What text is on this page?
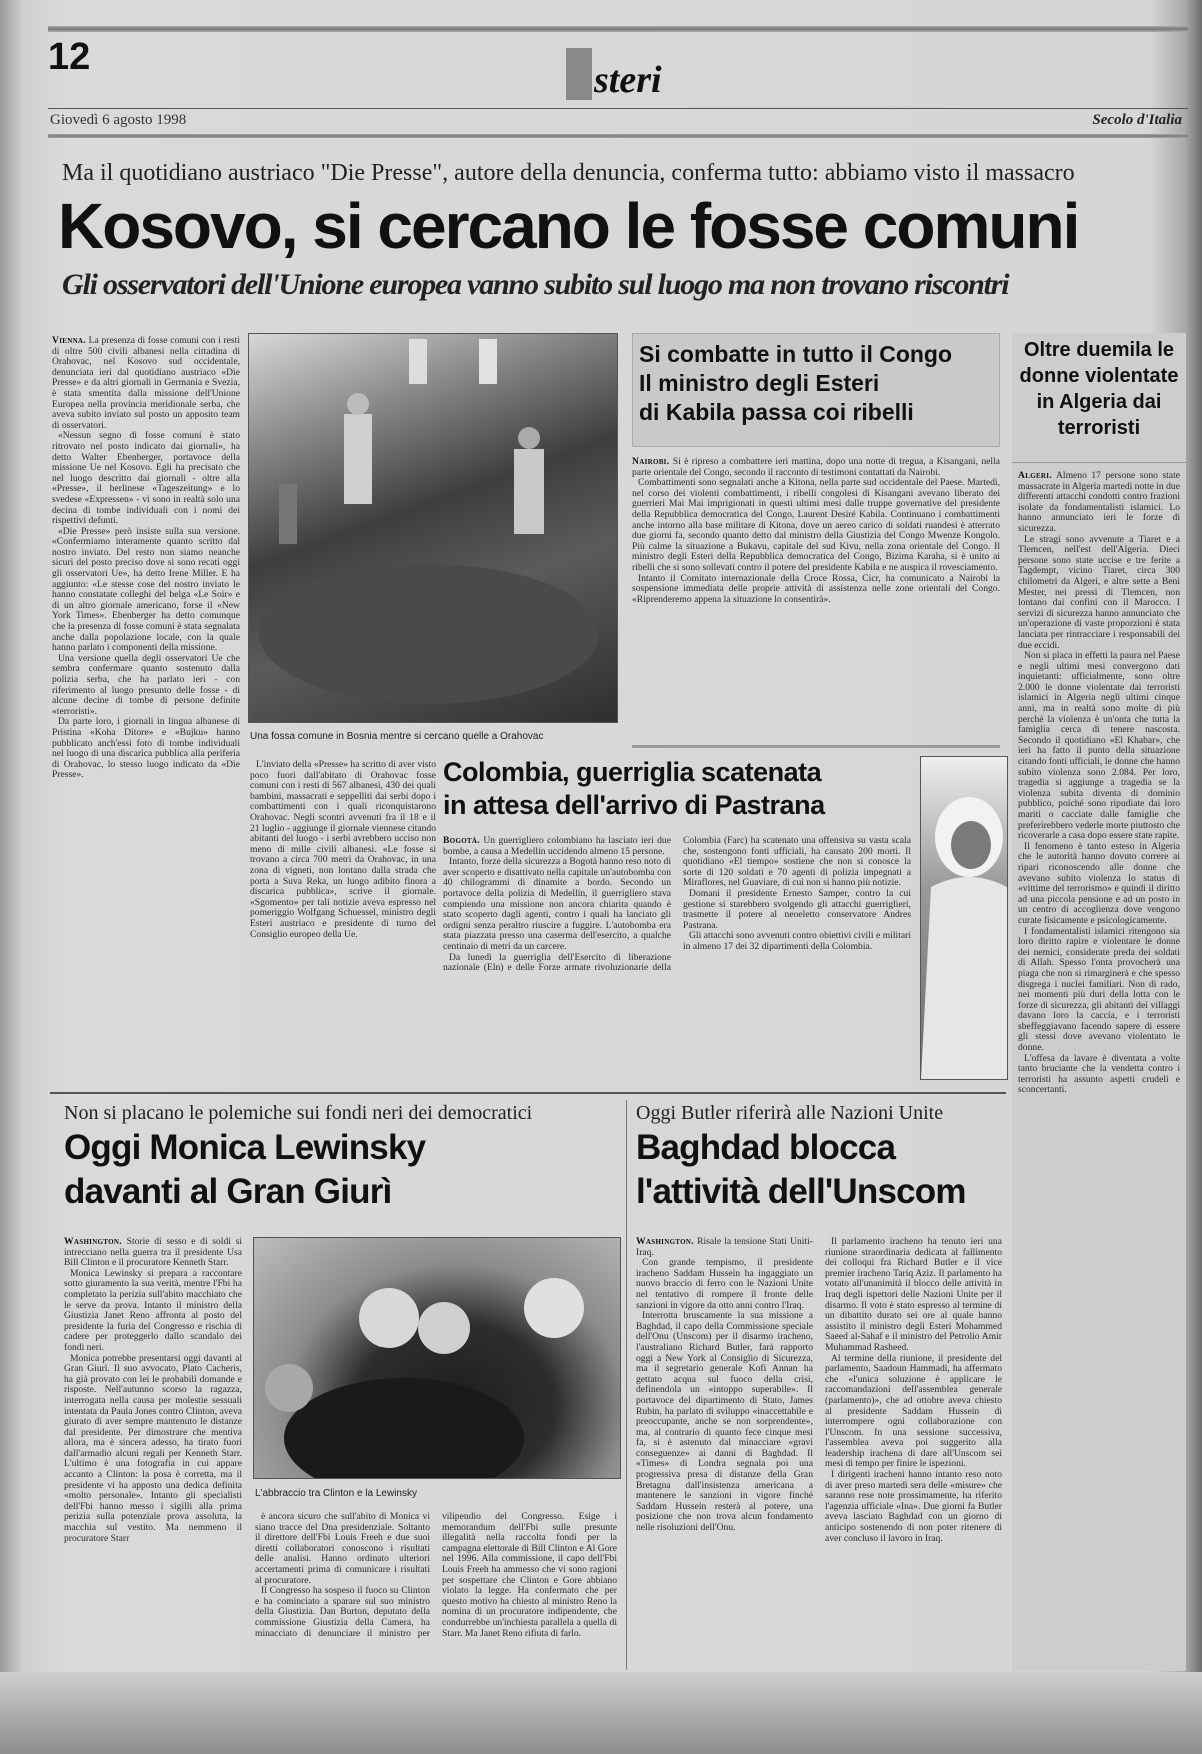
12
steri
Giovedì 6 agosto 1998	Secolo d'Italia
Ma il quotidiano austriaco "Die Presse", autore della denuncia, conferma tutto: abbiamo visto il massacro
Kosovo, si cercano le fosse comuni
Gli osservatori dell'Unione europea vanno subito sul luogo ma non trovano riscontri

Vienna. La presenza di fosse comuni con i resti di oltre 500 civili albanesi nella cittadina di Orahovac, nel Kosovo sud occidentale, denunciata ieri dal quotidiano austriaco «Die Presse» e da altri giornali in Germania e Svezia, è stata smentita dalla missione dell'Unione Europea nella provincia meridionale serba, che aveva subito inviato sul posto un apposito team di osservatori.

«Nessun segno di fosse comuni è stato ritrovato nel posto indicato dai giornali», ha detto Walter Ebenberger, portavoce della missione Ue nel Kosovo. Egli ha precisato che nel luogo descritto dai giornali - oltre alla «Presse», il berlinese «Tageszeitung» e lo svedese «Expressen» - vi sono in realtà solo una decina di tombe individuali con i nomi dei rispettivi defunti.

«Die Presse» però insiste sulla sua versione. «Confermiamo interamente quanto scritto dal nostro inviato. Del resto non siamo neanche sicuri del posto preciso dove si sono recati oggi gli osservatori Ue», ha detto Irene Miller. E ha aggiunto: «Le stesse cose del nostro inviato le hanno constatate colleghi del belga «Le Soir» e di un altro giornale americano, forse il «New York Times». Ebenberger ha detto comunque che la presenza di fosse comuni è stata segnalata anche dalla popolazione locale, con la quale hanno parlato i componenti della missione.

Una versione quella degli osservatori Ue che sembra confermare quanto sostenuto dalla polizia serba, che ha parlato ieri - con riferimento al luogo presunto delle fosse - di alcune decine di tombe di persone definite «terroristi».

Da parte loro, i giornali in lingua albanese di Pristina «Koha Ditore» e «Bujku» hanno pubblicato anch'essi foto di tombe individuali nel luogo di una discarica pubblica alla periferia di Orahovac, lo stesso luogo indicato da «Die Presse».

Una fossa comune in Bosnia mentre si cercano quelle a Orahovac

L'inviato della «Presse» ha scritto di aver visto poco fuori dall'abitato di Orahovac fosse comuni con i resti di 567 albanesi, 430 dei quali bambini, massacrati e seppelliti dai serbi dopo i combattimenti con i quali riconquistarono Orahovac. Negli scontri avvenuti fra il 18 e il 21 luglio - aggiunge il giornale viennese citando abitanti del luogo - i serbi avrebbero ucciso non meno di mille civili albanesi. «Le fosse si trovano a circa 700 metri da Orahovac, in una zona di vigneti, non lontano dalla strada che porta a Suva Reka, un luogo adibito finora a discarica pubblica», scrive il giornale. «Sgomento» per tali notizie aveva espresso nel pomeriggio Wolfgang Schuessel, ministro degli Esteri austriaco e presidente di turno del Consiglio europeo della Ue.

Si combatte in tutto il Congo
Il ministro degli Esteri
di Kabila passa coi ribelli

Nairobi. Si è ripreso a combattere ieri mattina, dopo una notte di tregua, a Kisangani, nella parte orientale del Congo, secondo il racconto di testimoni contattati da Nairobi.

Combattimenti sono segnalati anche a Kitona, nella parte sud occidentale del Paese. Martedì, nel corso dei violenti combattimenti, i ribelli congolesi di Kisangani avevano liberato dei guerrieri Mai Mai imprigionati in questi ultimi mesi dalle truppe governative del presidente della Repubblica democratica del Congo, Laurent Desiré Kabila. Continuano i combattimenti anche intorno alla base militare di Kitona, dove un aereo carico di soldati ruandesi è atterrato due giorni fa, secondo quanto detto dal ministro della Giustizia del Congo Mwenze Kongolo. Più calme la situazione a Bukavu, capitale del sud Kivu, nella zona orientale del Congo. Il ministro degli Esteri della Repubblica democratica del Congo, Bizima Karaha, si è unito ai ribelli che si sono sollevati contro il potere del presidente Kabila e ne auspica il rovesciamento.

Intanto il Comitato internazionale della Croce Rossa, Cicr, ha comunicato a Nairobi la sospensione immediata delle proprie attività di assistenza nelle zone orientali del Congo. «Riprenderemo appena la situazione lo consentirà».

Oltre duemila le donne violentate in Algeria dai terroristi

Algeri. Almeno 17 persone sono state massacrate in Algeria martedì notte in due differenti attacchi condotti contro frazioni isolate da fondamentalisti islamici. Lo hanno annunciato ieri le forze di sicurezza.

Le stragi sono avvenute a Tiaret e a Tlemcen, nell'est dell'Algeria. Dieci persone sono state uccise e tre ferite a Tagdempt, vicino Tiaret, circa 300 chilometri da Algeri, e altre sette a Beni Mester, nei pressi di Tlemcen, non lontano dai confini con il Marocco. I servizi di sicurezza hanno annunciato che un'operazione di vaste proporzioni è stata lanciata per rintracciare i responsabili dei due eccidi.

Non si placa in effetti la paura nel Paese e negli ultimi mesi convergono dati inquietanti: ufficialmente, sono oltre 2.000 le donne violentate dai terroristi islamici in Algeria negli ultimi cinque anni, ma in realtà sono molte di più perché la violenza è un'onta che tutta la famiglia cerca di tenere nascosta. Secondo il quotidiano «El Khabar», che ieri ha fatto il punto della situazione citando fonti ufficiali, le donne che hanno subito violenza sono 2.084. Per loro, tragedia si aggiunge a tragedia se la violenza subita diventa di dominio pubblico, poiché sono ripudiate dai loro mariti o cacciate dalle famiglie che preferirebbero vederle morte piuttosto che ricoverarle a casa dopo essere state rapite.

Il fenomeno è tanto esteso in Algeria che le autorità hanno dovuto correre ai ripari riconoscendo alle donne che avevano subito violenza lo status di «vittime del terrorismo» e quindi il diritto ad una piccola pensione e ad un posto in un centro di accoglienza dove vengono curate fisicamente e psicologicamente.

I fondamentalisti islamici ritengono sia loro diritto rapire e violentare le donne dei nemici, considerate preda dei soldati di Allah. Spesso l'onta provocherà una piaga che non si rimarginerà e che spesso disgrega i nuclei familiari. Non di rado, nei momenti più duri della lotta con le forze di sicurezza, gli abitanti dei villaggi davano loro la caccia, e i terroristi sbeffeggiavano facendo sapere di essere gli stessi dove avevano violentato le donne.

L'offesa da lavare è diventata a volte tanto bruciante che la vendetta contro i terroristi ha assunto aspetti crudeli e sconcertanti.

Colombia, guerriglia scatenata
in attesa dell'arrivo di Pastrana

Bogotà. Un guerrigliero colombiano ha lasciato ieri due bombe, a causa a Medellín uccidendo almeno 15 persone.

Intanto, forze della sicurezza a Bogotà hanno reso noto di aver scoperto e disattivato nella capitale un'autobomba con 40 chilogrammi di dinamite a bordo. Secondo un portavoce della polizia di Medellín, il guerrigliero stava compiendo una missione non ancora chiarita quando è stato scoperto dagli agenti, contro i quali ha lanciato gli ordigni senza peraltro riuscire a fuggire. L'autobomba era stata piazzata presso una caserma dell'esercito, a qualche centinaio di metri da un carcere.

Da lunedì la guerriglia dell'Esercito di liberazione nazionale (Eln) e delle Forze armate rivoluzionarie della Colombia (Farc) ha scatenato una offensiva su vasta scala che, sostengono fonti ufficiali, ha causato 200 morti. Il quotidiano «El tiempo» sostiene che non si conosce la sorte di 120 soldati e 70 agenti di polizia impegnati a Miraflores, nel Guaviare, di cui non si hanno più notizie.

Domani il presidente Ernesto Samper, contro la cui gestione si starebbero svolgendo gli attacchi guerriglieri, trasmette il potere al neoeletto conservatore Andres Pastrana.

Gli attacchi sono avvenuti contro obiettivi civili e militari in almeno 17 dei 32 dipartimenti della Colombia.

Non si placano le polemiche sui fondi neri dei democratici
Oggi Monica Lewinsky
davanti al Gran Giurì

Washington. Storie di sesso e di soldi si intrecciano nella guerra tra il presidente Usa Bill Clinton e il procuratore Kenneth Starr.

Monica Lewinsky si prepara a raccontare sotto giuramento la sua verità, mentre l'Fbi ha completato la perizia sull'abito macchiato che le serve da prova. Intanto il ministro della Giustizia Janet Reno affronta al posto del presidente la furia del Congresso e rischia di cadere per proteggerlo dallo scandalo dei fondi neri.

Monica potrebbe presentarsi oggi davanti al Gran Giurì. Il suo avvocato, Plato Cacheris, ha già provato con lei le probabili domande e risposte. Nell'autunno scorso la ragazza, interrogata nella causa per molestie sessuali intentata da Paula Jones contro Clinton, aveva giurato di aver sempre mantenuto le distanze dal presidente. Per dimostrare che mentiva allora, ma è sincera adesso, ha tirato fuori dall'armadio alcuni regali per Kenneth Starr. L'ultimo è una fotografia in cui appare accanto a Clinton: la posa è corretta, ma il presidente vi ha apposto una dedica definita «molto personale». Intanto gli specialisti dell'Fbi hanno messo i sigilli alla prima perizia sulla potenziale prova assoluta, la macchia sul vestito. Ma nemmeno il procuratore Starr

L'abbraccio tra Clinton e la Lewinsky

è ancora sicuro che sull'abito di Monica vi siano tracce del Dna presidenziale. Soltanto il direttore dell'Fbi Louis Freeh e due suoi diretti collaboratori conoscono i risultati delle analisi. Hanno ordinato ulteriori accertamenti prima di comunicare i risultati al procuratore.

Il Congresso ha sospeso il fuoco su Clinton e ha cominciato a sparare sul suo ministro della Giustizia. Dan Burton, deputato della commissione Giustizia della Camera, ha minacciato di denunciare il ministro per vilipendio del Congresso. Esige i memorandum dell'Fbi sulle presunte illegalità nella raccolta fondi per la campagna elettorale di Bill Clinton e Al Gore nel 1996. Alla commissione, il capo dell'Fbi Louis Freeh ha ammesso che vi sono ragioni per sospettare che Clinton e Gore abbiano violato la legge. Ha confermato che per questo motivo ha chiesto al ministro Reno la nomina di un procuratore indipendente, che condurrebbe un'inchiesta parallela a quella di Starr. Ma Janet Reno rifiuta di farlo.

Oggi Butler riferirà alle Nazioni Unite
Baghdad blocca
l'attività dell'Unscom

Washington. Risale la tensione Stati Uniti-Iraq.

Con grande tempismo, il presidente iracheno Saddam Hussein ha ingaggiato un nuovo braccio di ferro con le Nazioni Unite nel tentativo di rompere il fronte delle sanzioni in vigore da otto anni contro l'Iraq.

Interrotta bruscamente la sua missione a Baghdad, il capo della Commissione speciale dell'Onu (Unscom) per il disarmo iracheno, l'australiano Richard Butler, farà rapporto oggi a New York al Consiglio di Sicurezza, ma il segretario generale Kofi Annan ha gettato acqua sul fuoco della crisi, definendola un «intoppo superabile». Il portavoce del dipartimento di Stato, James Rubin, ha parlato di sviluppo «inaccettabile e preoccupante, anche se non sorprendente», ma, al contrario di quanto fece cinque mesi fa, si è astenuto dal minacciare «gravi conseguenze» ai danni di Baghdad. Il «Times» di Londra segnala poi una progressiva presa di distanze della Gran Bretagna dall'insistenza americana a mantenere le sanzioni in vigore finché Saddam Hussein resterà al potere, una posizione che non trova alcun fondamento nelle risoluzioni dell'Onu.

Il parlamento iracheno ha tenuto ieri una riunione straordinaria dedicata al fallimento dei colloqui fra Richard Butler e il vice premier iracheno Tariq Aziz. Il parlamento ha votato all'unanimità il blocco delle attività in Iraq degli ispettori delle Nazioni Unite per il disarmo. Il voto è stato espresso al termine di un dibattito durato sei ore al quale hanno assistito il ministro degli Esteri Mohammed Saeed al-Sahaf e il ministro del Petrolio Amir Muhammad Rasheed.

Al termine della riunione, il presidente del parlamento, Saadoun Hammadi, ha affermato che «l'unica soluzione è applicare le raccomandazioni dell'assemblea generale (parlamento)», che ad ottobre aveva chiesto al presidente Saddam Hussein di interrompere ogni collaborazione con l'Unscom. In una sessione successiva, l'assemblea aveva poi suggerito alla leadership irachena di dare all'Unscom sei mesi di tempo per finire le ispezioni.

I dirigenti iracheni hanno intanto reso noto di aver preso martedì sera delle «misure» che saranno rese note prossimamente, ha riferito l'agenzia ufficiale «Ina». Due giorni fa Butler aveva lasciato Baghdad con un giorno di anticipo sostenendo di non poter ritenere di aver concluso il lavoro in Iraq.
